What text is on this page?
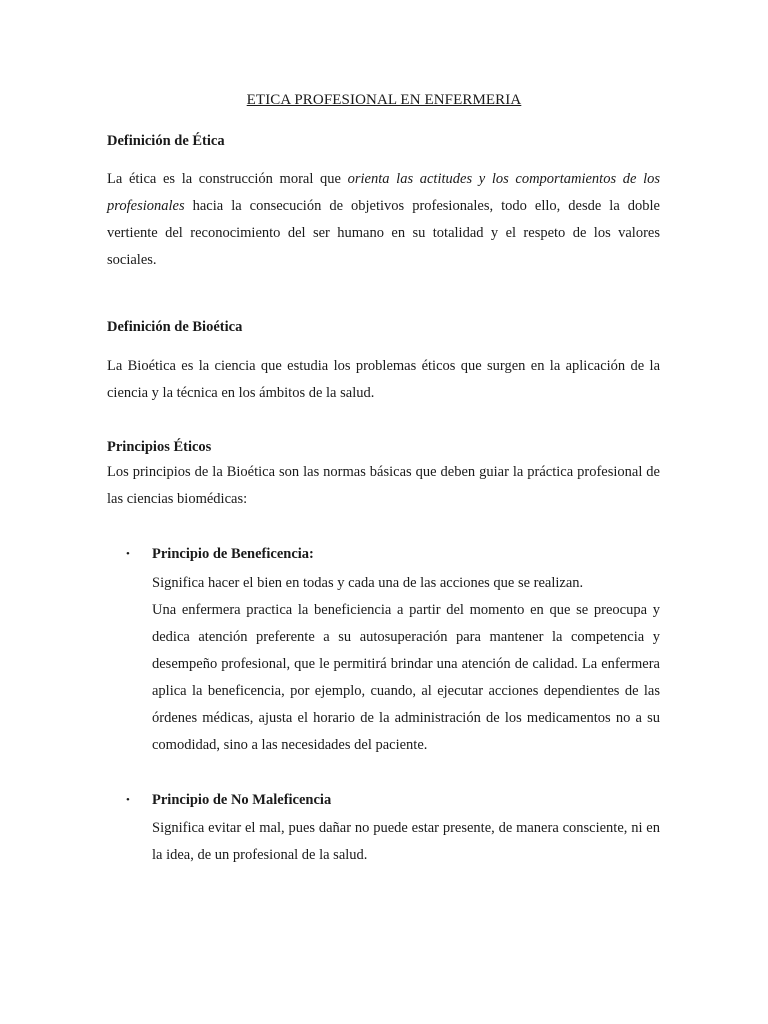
ETICA PROFESIONAL EN ENFERMERIA
Definición de Ética

La ética es la construcción moral que orienta las actitudes y los comportamientos de los profesionales hacia la consecución de objetivos profesionales, todo ello, desde la doble vertiente del reconocimiento del ser humano en su totalidad y el respeto de los valores sociales.

Definición de Bioética

La Bioética es la ciencia que estudia los problemas éticos que surgen en la aplicación de la ciencia y la técnica en los ámbitos de la salud.

Principios Éticos

Los principios de la Bioética son las normas básicas que deben guiar la práctica profesional de las ciencias biomédicas:

• Principio de Beneficencia:

Significa hacer el bien en todas y cada una de las acciones que se realizan.

Una enfermera practica la beneficiencia a partir del momento en que se preocupa y dedica atención preferente a su autosuperación para mantener la competencia y desempeño profesional, que le permitirá brindar una atención de calidad. La enfermera aplica la beneficencia, por ejemplo, cuando, al ejecutar acciones dependientes de las órdenes médicas, ajusta el horario de la administración de los medicamentos no a su comodidad, sino a las necesidades del paciente.

• Principio de No Maleficencia

Significa evitar el mal, pues dañar no puede estar presente, de manera consciente, ni en la idea, de un profesional de la salud.
